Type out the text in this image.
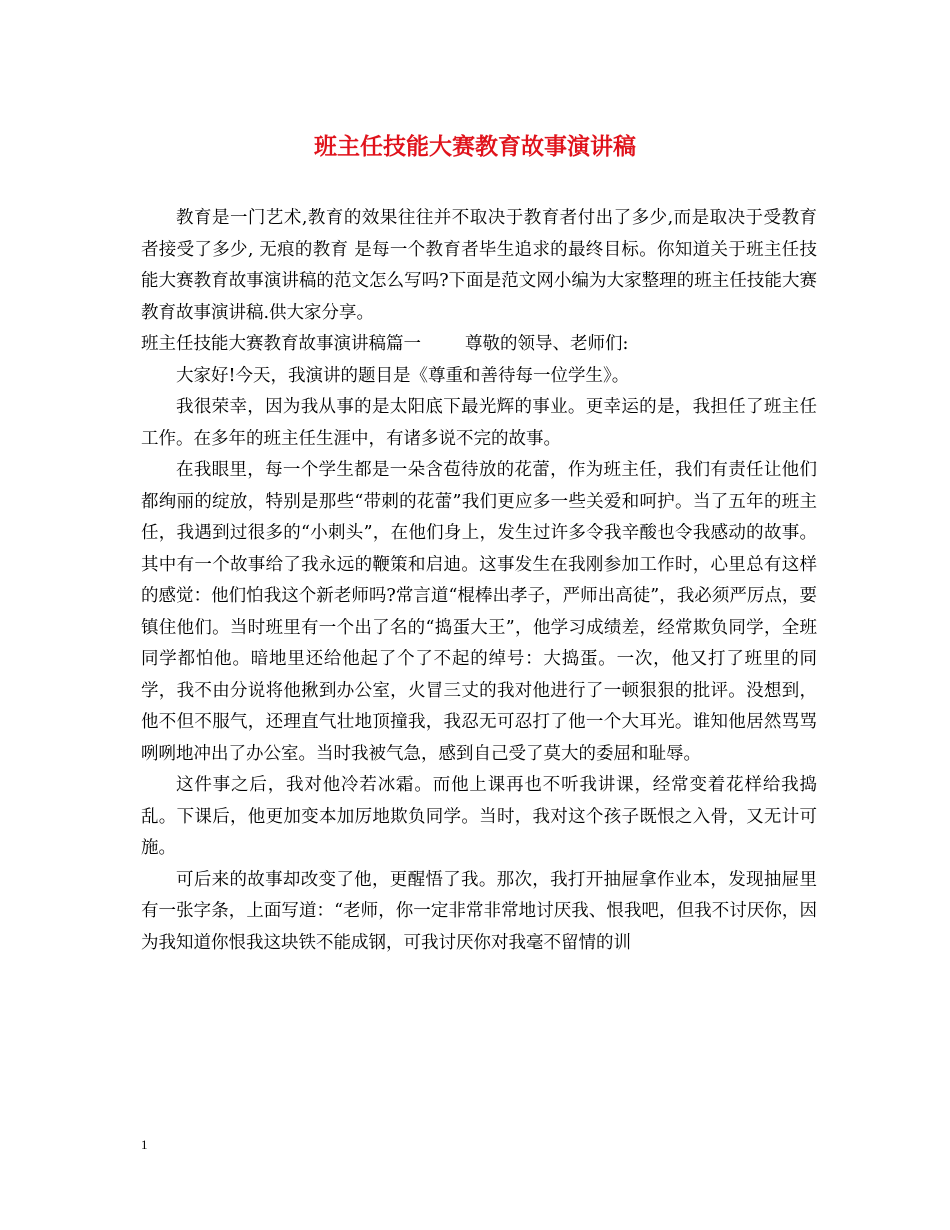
班主任技能大赛教育故事演讲稿

教育是一门艺术,教育的效果往往并不取决于教育者付出了多少,而是取决于受教育者接受了多少, 无痕的教育 是每一个教育者毕生追求的最终目标。你知道关于班主任技能大赛教育故事演讲稿的范文怎么写吗?下面是范文网小编为大家整理的班主任技能大赛教育故事演讲稿.供大家分享。

班主任技能大赛教育故事演讲稿篇一	尊敬的领导、老师们:

大家好!今天，我演讲的题目是《尊重和善待每一位学生》。

我很荣幸，因为我从事的是太阳底下最光辉的事业。更幸运的是，我担任了班主任工作。在多年的班主任生涯中，有诸多说不完的故事。

在我眼里，每一个学生都是一朵含苞待放的花蕾，作为班主任，我们有责任让他们都绚丽的绽放，特别是那些“带刺的花蕾”我们更应多一些关爱和呵护。当了五年的班主任，我遇到过很多的“小刺头”，在他们身上，发生过许多令我辛酸也令我感动的故事。其中有一个故事给了我永远的鞭策和启迪。这事发生在我刚参加工作时，心里总有这样的感觉：他们怕我这个新老师吗?常言道“棍棒出孝子，严师出高徒”，我必须严厉点，要镇住他们。当时班里有一个出了名的“捣蛋大王”，他学习成绩差，经常欺负同学，全班同学都怕他。暗地里还给他起了个了不起的绰号：大捣蛋。一次，他又打了班里的同学，我不由分说将他揪到办公室，火冒三丈的我对他进行了一顿狠狠的批评。没想到，他不但不服气，还理直气壮地顶撞我，我忍无可忍打了他一个大耳光。谁知他居然骂骂咧咧地冲出了办公室。当时我被气急，感到自己受了莫大的委屈和耻辱。

这件事之后，我对他冷若冰霜。而他上课再也不听我讲课，经常变着花样给我捣乱。下课后，他更加变本加厉地欺负同学。当时，我对这个孩子既恨之入骨，又无计可施。

可后来的故事却改变了他，更醒悟了我。那次，我打开抽屉拿作业本，发现抽屉里有一张字条，上面写道：“老师，你一定非常非常地讨厌我、恨我吧，但我不讨厌你，因为我知道你恨我这块铁不能成钢，可我讨厌你对我毫不留情的训

1
